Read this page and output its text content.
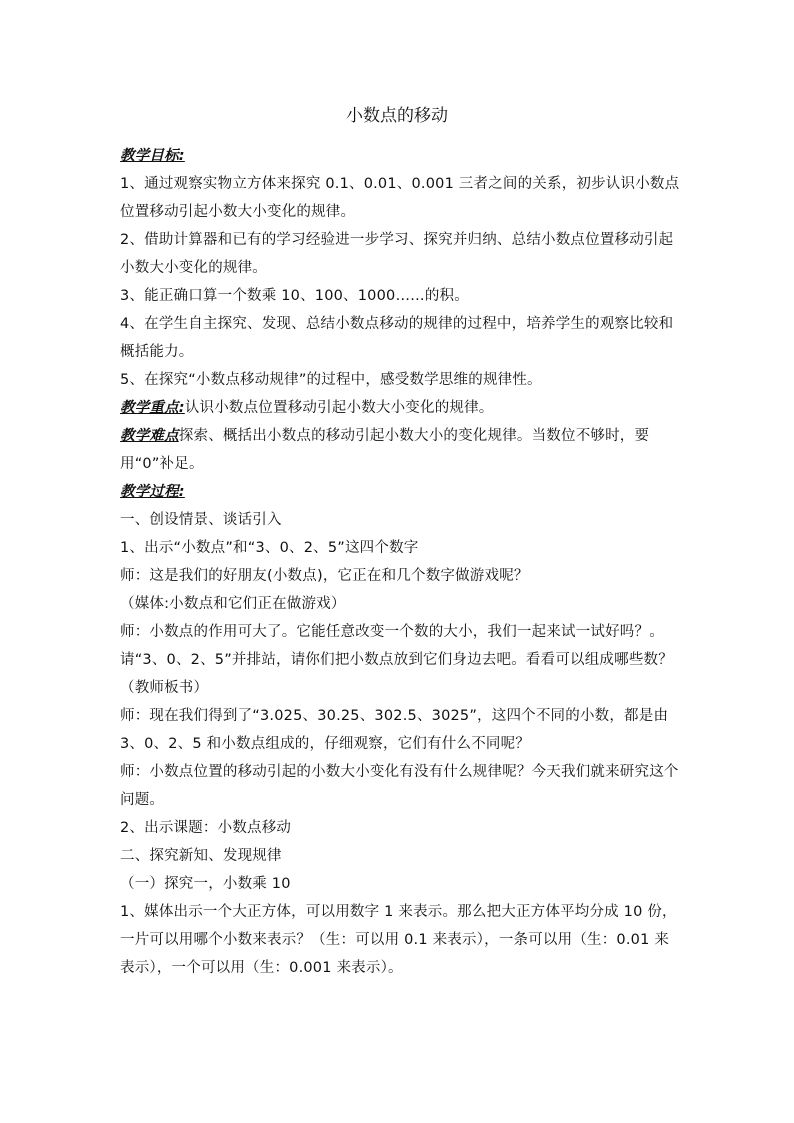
小数点的移动

教学目标:

1、通过观察实物立方体来探究 0.1、0.01、0.001 三者之间的关系，初步认识小数点位置移动引起小数大小变化的规律。

2、借助计算器和已有的学习经验进一步学习、探究并归纳、总结小数点位置移动引起小数大小变化的规律。

3、能正确口算一个数乘 10、100、1000……的积。

4、在学生自主探究、发现、总结小数点移动的规律的过程中，培养学生的观察比较和概括能力。

5、在探究“小数点移动规律”的过程中，感受数学思维的规律性。

教学重点:认识小数点位置移动引起小数大小变化的规律。

教学难点探索、概括出小数点的移动引起小数大小的变化规律。当数位不够时，要用“0”补足。

教学过程:

一、创设情景、谈话引入

1、出示“小数点”和“3、0、2、5”这四个数字

师：这是我们的好朋友(小数点)，它正在和几个数字做游戏呢？

（媒体:小数点和它们正在做游戏）

师：小数点的作用可大了。它能任意改变一个数的大小，我们一起来试一试好吗？。请“3、0、2、5”并排站，请你们把小数点放到它们身边去吧。看看可以组成哪些数？（教师板书）

师：现在我们得到了“3.025、30.25、302.5、3025”，这四个不同的小数，都是由 3、0、2、5 和小数点组成的，仔细观察，它们有什么不同呢？

师：小数点位置的移动引起的小数大小变化有没有什么规律呢？今天我们就来研究这个问题。

2、出示课题：小数点移动

二、探究新知、发现规律

（一）探究一，小数乘 10

1、媒体出示一个大正方体，可以用数字 1 来表示。那么把大正方体平均分成 10 份，一片可以用哪个小数来表示？（生：可以用 0.1 来表示），一条可以用（生：0.01 来表示），一个可以用（生：0.001 来表示）。
